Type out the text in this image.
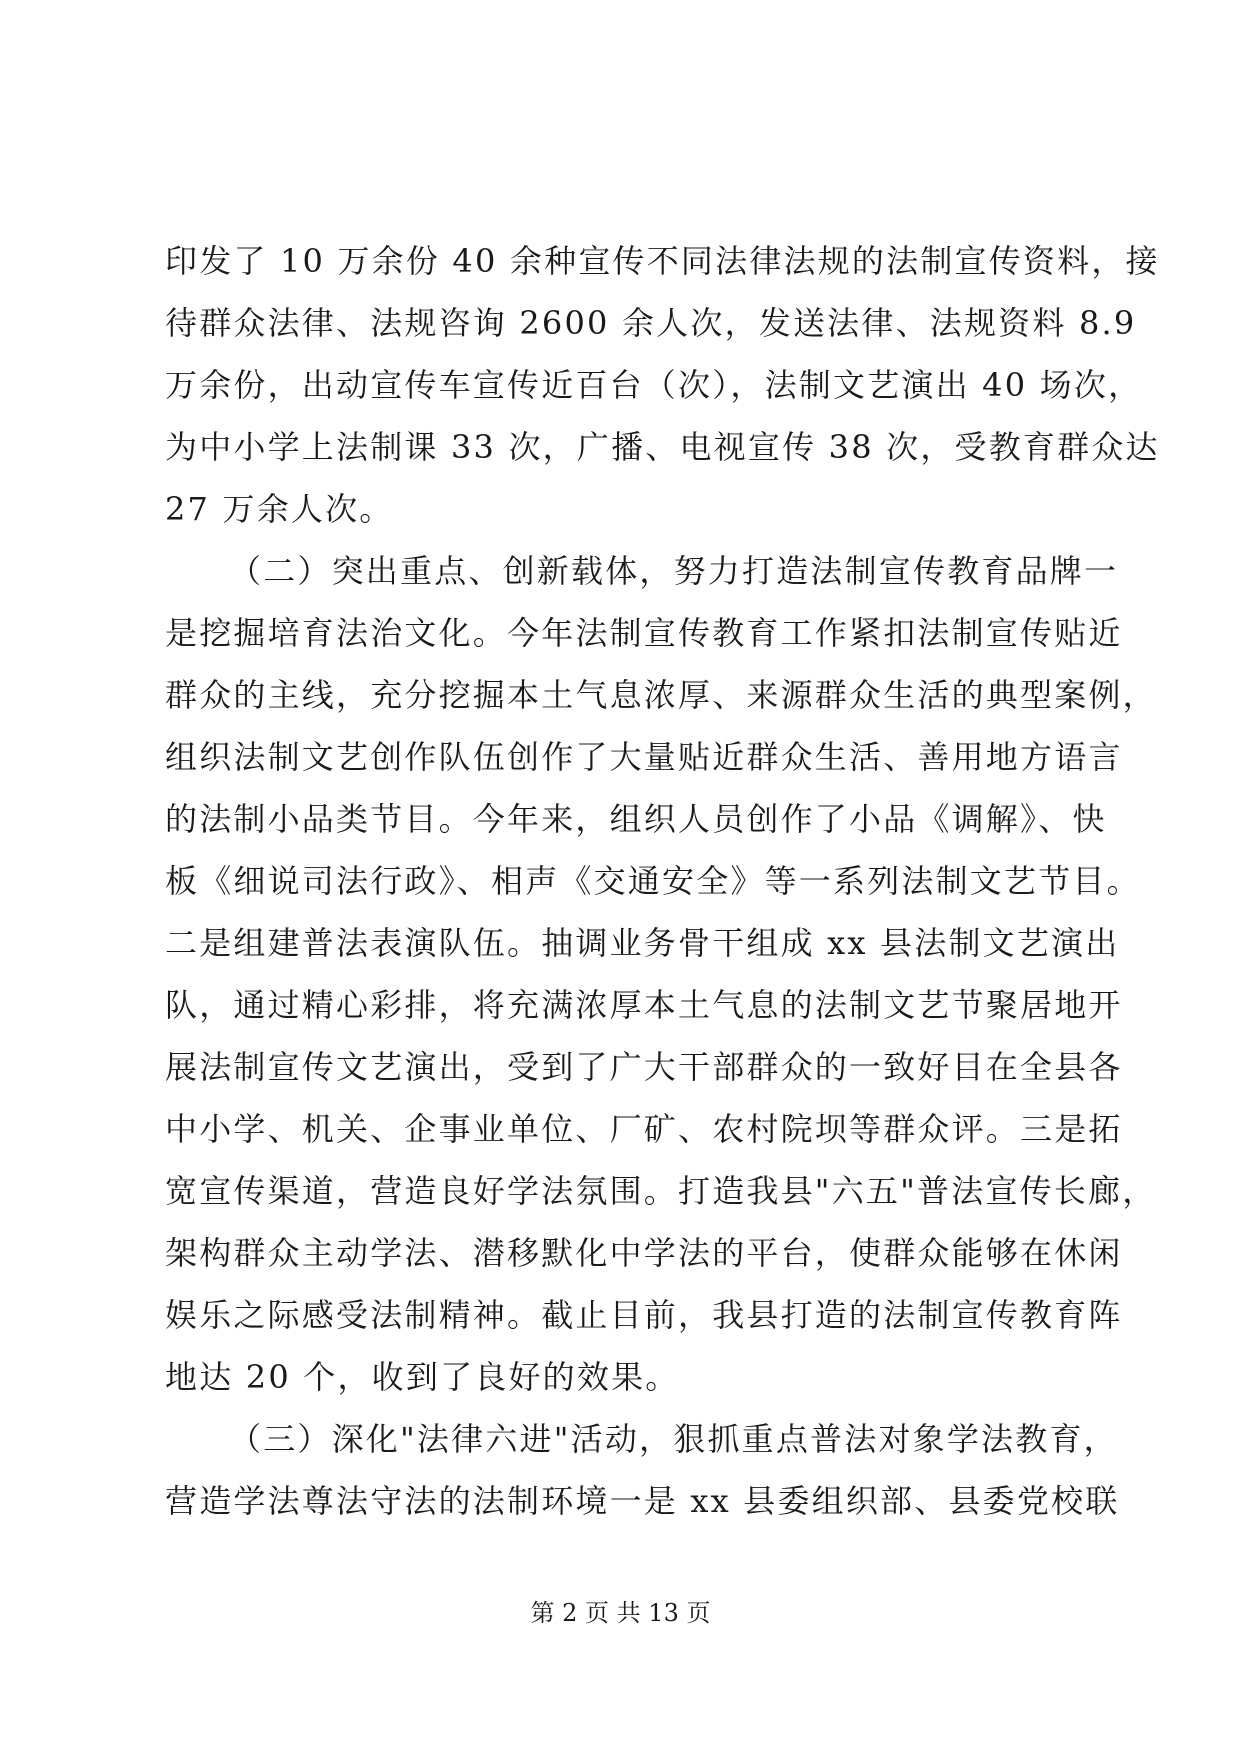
印发了 10 万余份 40 余种宣传不同法律法规的法制宣传资料，接
待群众法律、法规咨询 2600 余人次，发送法律、法规资料 8.9
万余份，出动宣传车宣传近百台（次），法制文艺演出 40 场次，
为中小学上法制课 33 次，广播、电视宣传 38 次，受教育群众达
27 万余人次。
（二）突出重点、创新载体，努力打造法制宣传教育品牌一
是挖掘培育法治文化。今年法制宣传教育工作紧扣法制宣传贴近
群众的主线，充分挖掘本土气息浓厚、来源群众生活的典型案例，
组织法制文艺创作队伍创作了大量贴近群众生活、善用地方语言
的法制小品类节目。今年来，组织人员创作了小品《调解》、快
板《细说司法行政》、相声《交通安全》等一系列法制文艺节目。
二是组建普法表演队伍。抽调业务骨干组成 xx 县法制文艺演出
队，通过精心彩排，将充满浓厚本土气息的法制文艺节聚居地开
展法制宣传文艺演出，受到了广大干部群众的一致好目在全县各
中小学、机关、企事业单位、厂矿、农村院坝等群众评。三是拓
宽宣传渠道，营造良好学法氛围。打造我县"六五"普法宣传长廊，
架构群众主动学法、潜移默化中学法的平台，使群众能够在休闲
娱乐之际感受法制精神。截止目前，我县打造的法制宣传教育阵
地达 20 个，收到了良好的效果。
（三）深化"法律六进"活动，狠抓重点普法对象学法教育，
营造学法尊法守法的法制环境一是 xx 县委组织部、县委党校联
第 2 页 共 13 页
